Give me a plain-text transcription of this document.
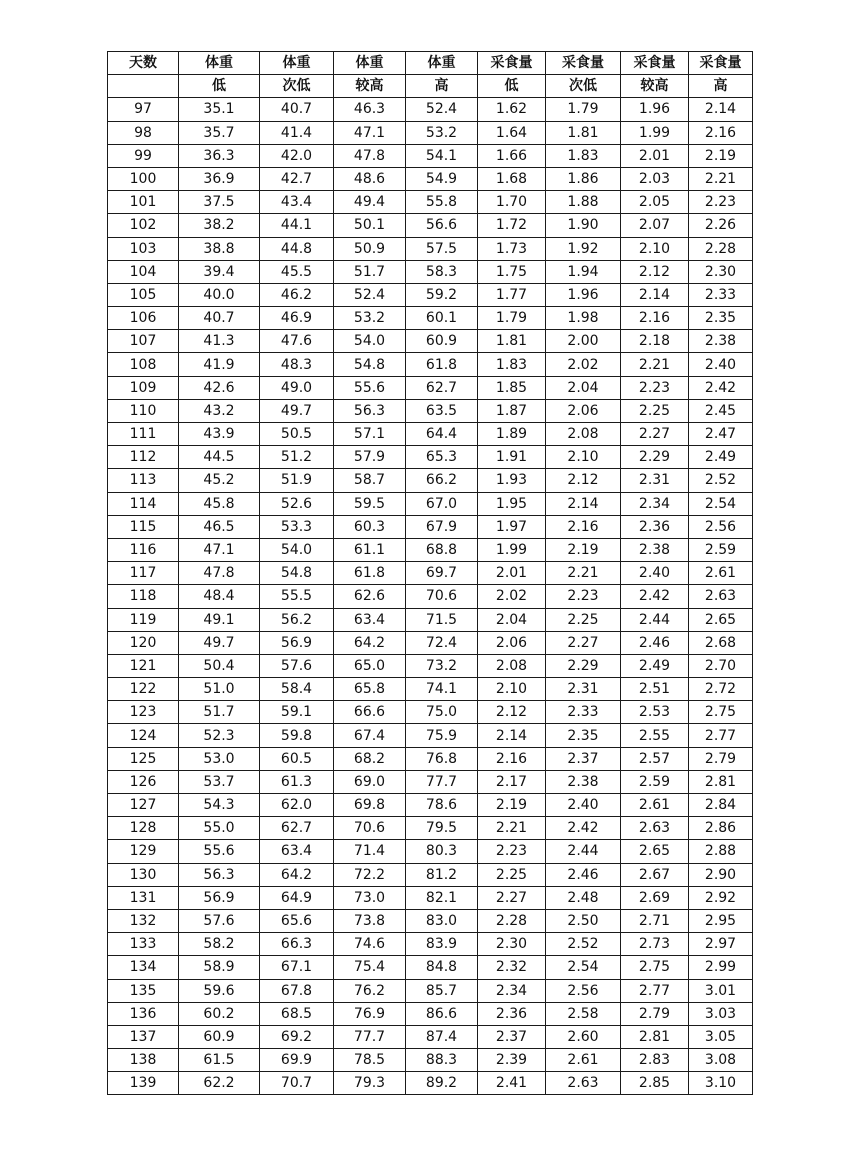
天数	体重	体重	体重	体重	采食量	采食量	采食量	采食量
	低	次低	较高	高	低	次低	较高	高
97	35.1	40.7	46.3	52.4	1.62	1.79	1.96	2.14
98	35.7	41.4	47.1	53.2	1.64	1.81	1.99	2.16
99	36.3	42.0	47.8	54.1	1.66	1.83	2.01	2.19
100	36.9	42.7	48.6	54.9	1.68	1.86	2.03	2.21
101	37.5	43.4	49.4	55.8	1.70	1.88	2.05	2.23
102	38.2	44.1	50.1	56.6	1.72	1.90	2.07	2.26
103	38.8	44.8	50.9	57.5	1.73	1.92	2.10	2.28
104	39.4	45.5	51.7	58.3	1.75	1.94	2.12	2.30
105	40.0	46.2	52.4	59.2	1.77	1.96	2.14	2.33
106	40.7	46.9	53.2	60.1	1.79	1.98	2.16	2.35
107	41.3	47.6	54.0	60.9	1.81	2.00	2.18	2.38
108	41.9	48.3	54.8	61.8	1.83	2.02	2.21	2.40
109	42.6	49.0	55.6	62.7	1.85	2.04	2.23	2.42
110	43.2	49.7	56.3	63.5	1.87	2.06	2.25	2.45
111	43.9	50.5	57.1	64.4	1.89	2.08	2.27	2.47
112	44.5	51.2	57.9	65.3	1.91	2.10	2.29	2.49
113	45.2	51.9	58.7	66.2	1.93	2.12	2.31	2.52
114	45.8	52.6	59.5	67.0	1.95	2.14	2.34	2.54
115	46.5	53.3	60.3	67.9	1.97	2.16	2.36	2.56
116	47.1	54.0	61.1	68.8	1.99	2.19	2.38	2.59
117	47.8	54.8	61.8	69.7	2.01	2.21	2.40	2.61
118	48.4	55.5	62.6	70.6	2.02	2.23	2.42	2.63
119	49.1	56.2	63.4	71.5	2.04	2.25	2.44	2.65
120	49.7	56.9	64.2	72.4	2.06	2.27	2.46	2.68
121	50.4	57.6	65.0	73.2	2.08	2.29	2.49	2.70
122	51.0	58.4	65.8	74.1	2.10	2.31	2.51	2.72
123	51.7	59.1	66.6	75.0	2.12	2.33	2.53	2.75
124	52.3	59.8	67.4	75.9	2.14	2.35	2.55	2.77
125	53.0	60.5	68.2	76.8	2.16	2.37	2.57	2.79
126	53.7	61.3	69.0	77.7	2.17	2.38	2.59	2.81
127	54.3	62.0	69.8	78.6	2.19	2.40	2.61	2.84
128	55.0	62.7	70.6	79.5	2.21	2.42	2.63	2.86
129	55.6	63.4	71.4	80.3	2.23	2.44	2.65	2.88
130	56.3	64.2	72.2	81.2	2.25	2.46	2.67	2.90
131	56.9	64.9	73.0	82.1	2.27	2.48	2.69	2.92
132	57.6	65.6	73.8	83.0	2.28	2.50	2.71	2.95
133	58.2	66.3	74.6	83.9	2.30	2.52	2.73	2.97
134	58.9	67.1	75.4	84.8	2.32	2.54	2.75	2.99
135	59.6	67.8	76.2	85.7	2.34	2.56	2.77	3.01
136	60.2	68.5	76.9	86.6	2.36	2.58	2.79	3.03
137	60.9	69.2	77.7	87.4	2.37	2.60	2.81	3.05
138	61.5	69.9	78.5	88.3	2.39	2.61	2.83	3.08
139	62.2	70.7	79.3	89.2	2.41	2.63	2.85	3.10
